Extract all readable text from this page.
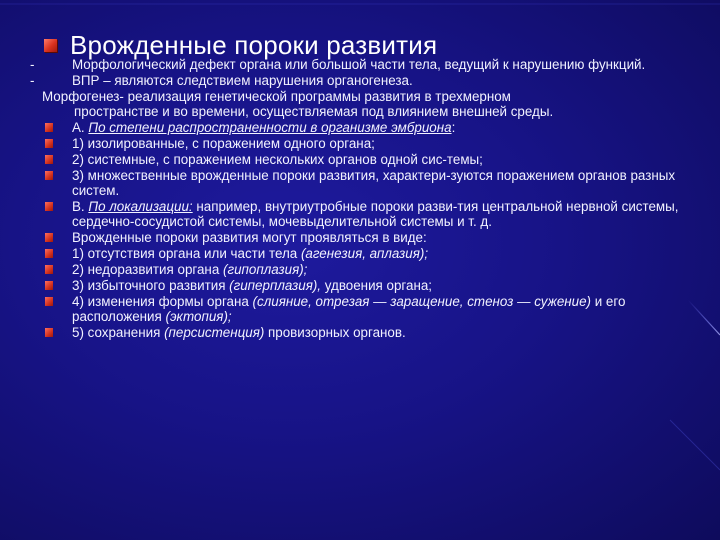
Врожденные пороки развития
-	Морфологический дефект органа или большой части тела, ведущий к нарушению функций.
-	ВПР – являются следствием нарушения органогенеза.
Морфогенез- реализация генетической программы развития в трехмерном
пространстве и во времени, осуществляемая под влиянием внешней среды.
А. По степени распространенности в организме эмбриона:
1) изолированные, с поражением одного органа;
2) системные, с поражением нескольких органов одной сис-темы;
3) множественные врожденные пороки развития, характери-зуются поражением органов разных систем.
В. По локализации: например, внутриутробные пороки разви-тия центральной нервной системы, сердечно-сосудистой системы, мочевыделительной системы и т. д.
Врожденные пороки развития могут проявляться в виде:
1) отсутствия органа или части тела (агенезия, аплазия);
2) недоразвития органа (гипоплазия);
3) избыточного развития (гиперплазия), удвоения органа;
4) изменения формы органа (слияние, отрезая — заращение, стеноз — сужение) и его расположения (эктопия);
5) сохранения (персистенция) провизорных органов.
